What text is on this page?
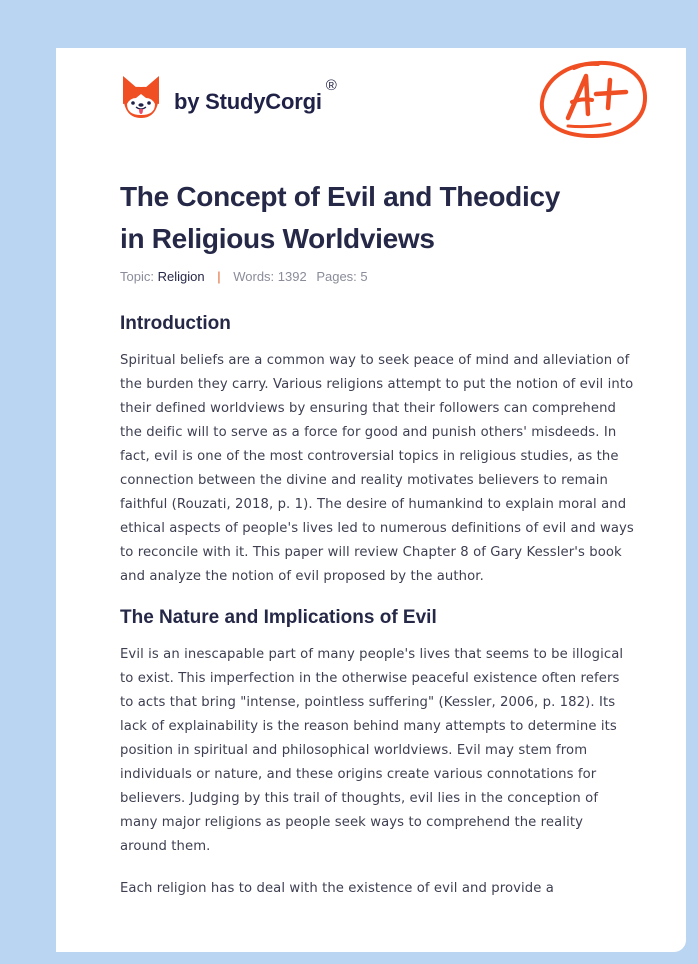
by StudyCorgi
®
The Concept of Evil and Theodicy
in Religious Worldviews
Topic: Religion | Words: 1392 Pages: 5
Introduction

Spiritual beliefs are a common way to seek peace of mind and alleviation of the burden they carry. Various religions attempt to put the notion of evil into their defined worldviews by ensuring that their followers can comprehend the deific will to serve as a force for good and punish others' misdeeds. In fact, evil is one of the most controversial topics in religious studies, as the connection between the divine and reality motivates believers to remain faithful (Rouzati, 2018, p. 1). The desire of humankind to explain moral and ethical aspects of people's lives led to numerous definitions of evil and ways to reconcile with it. This paper will review Chapter 8 of Gary Kessler's book and analyze the notion of evil proposed by the author.

The Nature and Implications of Evil

Evil is an inescapable part of many people's lives that seems to be illogical to exist. This imperfection in the otherwise peaceful existence often refers to acts that bring "intense, pointless suffering" (Kessler, 2006, p. 182). Its lack of explainability is the reason behind many attempts to determine its position in spiritual and philosophical worldviews. Evil may stem from individuals or nature, and these origins create various connotations for believers. Judging by this trail of thoughts, evil lies in the conception of many major religions as people seek ways to comprehend the reality around them.

Each religion has to deal with the existence of evil and provide a
